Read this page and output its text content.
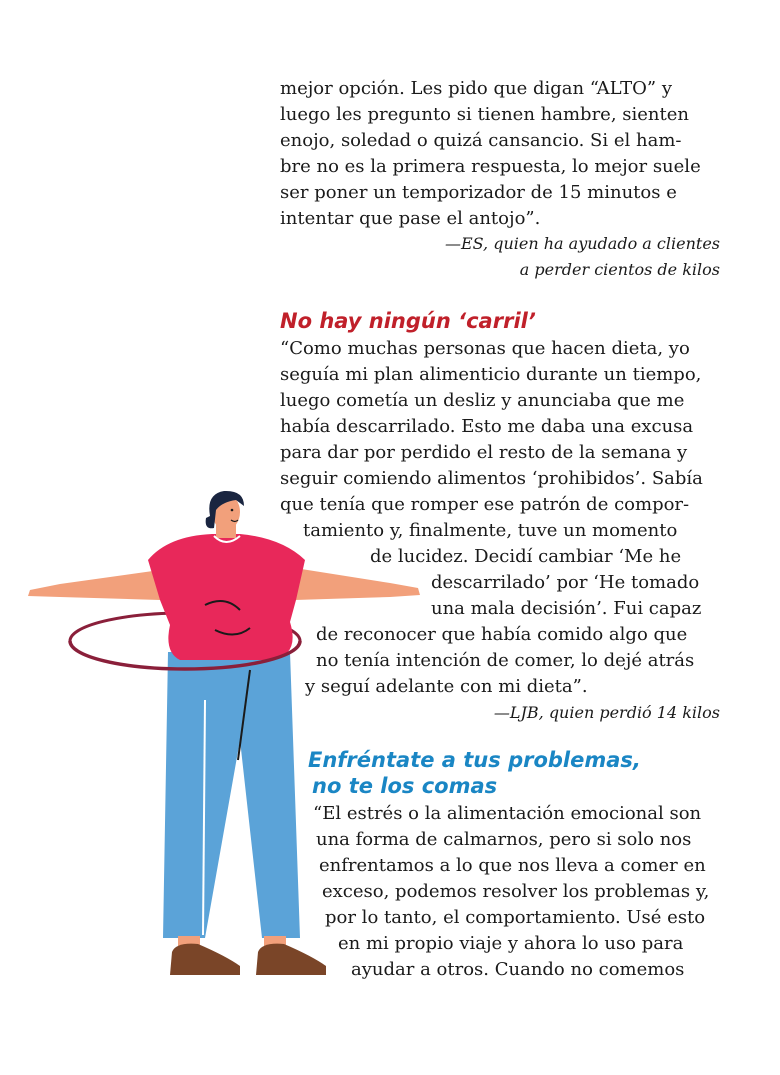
mejor opción. Les pido que digan “ALTO” y

luego les pregunto si tienen hambre, sienten

enojo, soledad o quizá cansancio. Si el ham-

bre no es la primera respuesta, lo mejor suele

ser poner un temporizador de 15 minutos e

intentar que pase el antojo”.

—ES, quien ha ayudado a clientes

a perder cientos de kilos

No hay ningún ‘carril’

“Como muchas personas que hacen dieta, yo

seguía mi plan alimenticio durante un tiempo,

luego cometía un desliz y anunciaba que me

había descarrilado. Esto me daba una excusa

para dar por perdido el resto de la semana y

seguir comiendo alimentos ‘prohibidos’. Sabía

que tenía que romper ese patrón de compor-

tamiento y, finalmente, tuve un momento

de lucidez. Decidí cambiar ‘Me he

descarrilado’ por ‘He tomado

una mala decisión’. Fui capaz

de reconocer que había comido algo que

no tenía intención de comer, lo dejé atrás

y seguí adelante con mi dieta”.

—LJB, quien perdió 14 kilos

Enfréntate a tus problemas,

no te los comas

“El estrés o la alimentación emocional son

una forma de calmarnos, pero si solo nos

enfrentamos a lo que nos lleva a comer en

exceso, podemos resolver los problemas y,

por lo tanto, el comportamiento. Usé esto

en mi propio viaje y ahora lo uso para

ayudar a otros. Cuando no comemos
